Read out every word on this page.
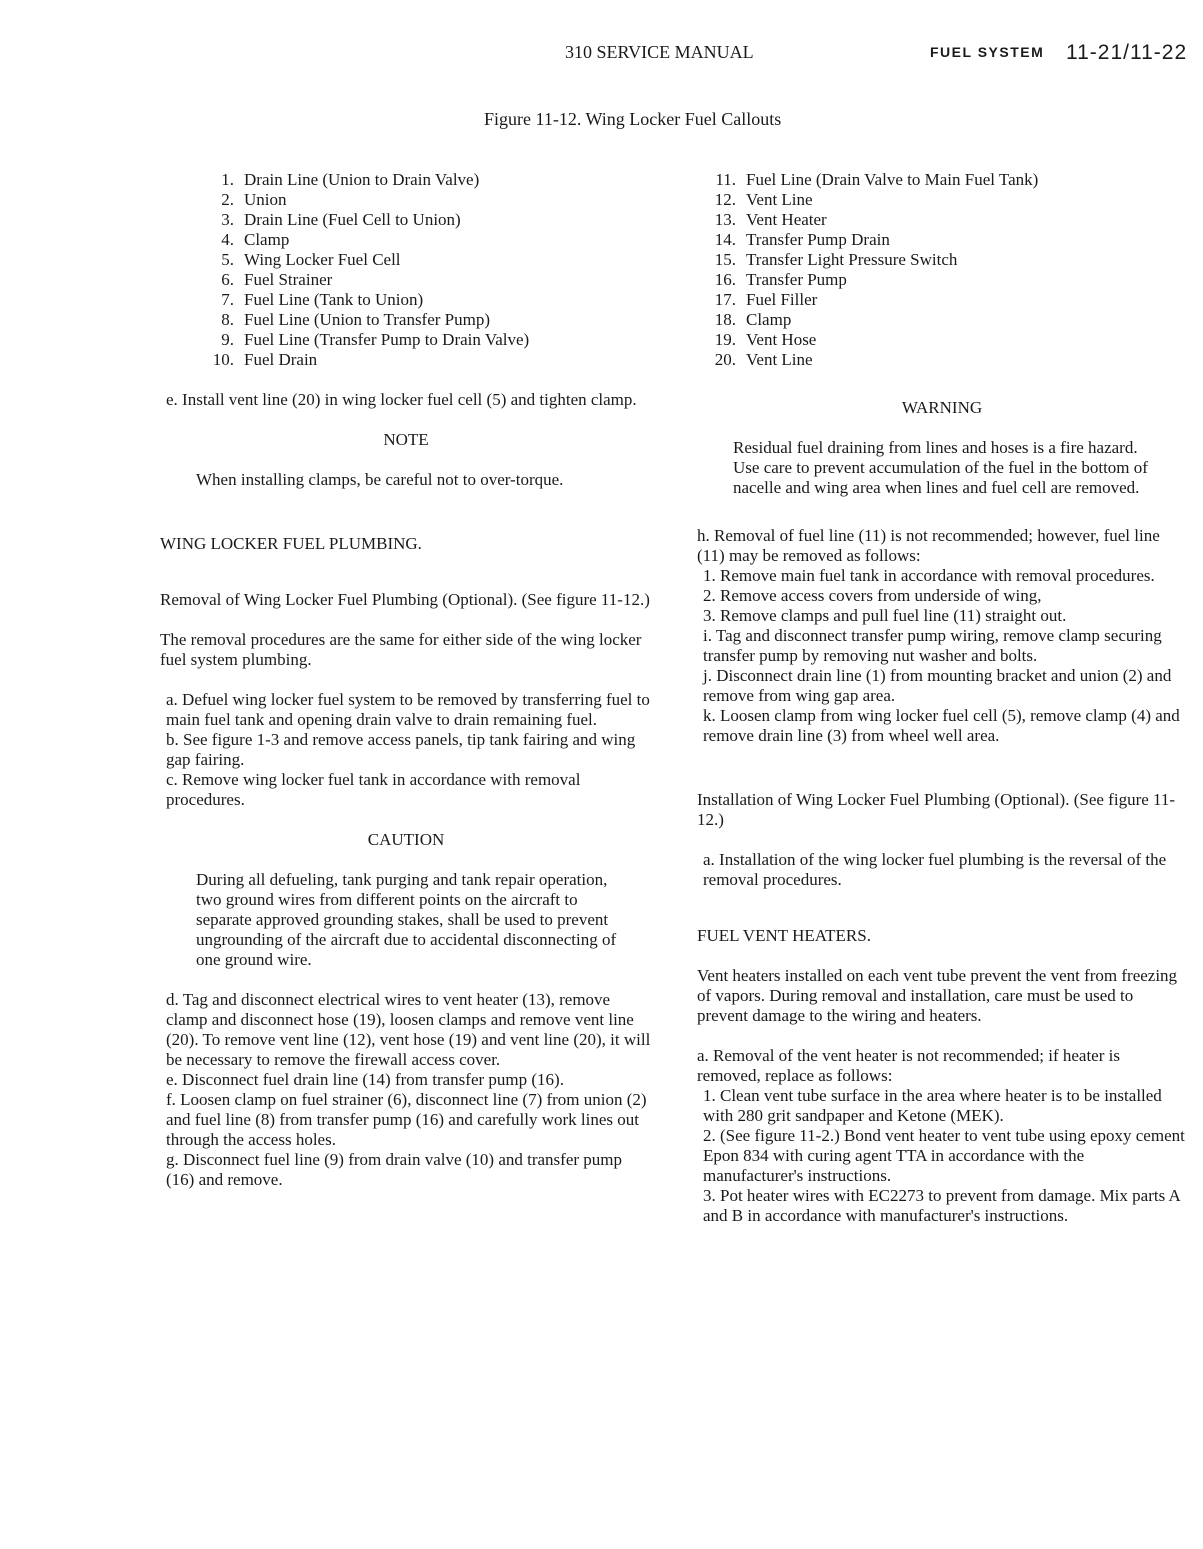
310 SERVICE MANUAL	FUEL SYSTEM 11-21/11-22
Figure 11-12. Wing Locker Fuel Callouts
1. Drain Line (Union to Drain Valve)
2. Union
3. Drain Line (Fuel Cell to Union)
4. Clamp
5. Wing Locker Fuel Cell
6. Fuel Strainer
7. Fuel Line (Tank to Union)
8. Fuel Line (Union to Transfer Pump)
9. Fuel Line (Transfer Pump to Drain Valve)
10. Fuel Drain

e. Install vent line (20) in wing locker fuel cell (5) and tighten clamp.

NOTE

When installing clamps, be careful not to over-torque.

WING LOCKER FUEL PLUMBING.

Removal of Wing Locker Fuel Plumbing (Optional). (See figure 11-12.)

The removal procedures are the same for either side of the wing locker fuel system plumbing.

a. Defuel wing locker fuel system to be removed by transferring fuel to main fuel tank and opening drain valve to drain remaining fuel.

b. See figure 1-3 and remove access panels, tip tank fairing and wing gap fairing.

c. Remove wing locker fuel tank in accordance with removal procedures.

CAUTION

During all defueling, tank purging and tank repair operation, two ground wires from different points on the aircraft to separate approved grounding stakes, shall be used to prevent ungrounding of the aircraft due to accidental disconnecting of one ground wire.

d. Tag and disconnect electrical wires to vent heater (13), remove clamp and disconnect hose (19), loosen clamps and remove vent line (20). To remove vent line (12), vent hose (19) and vent line (20), it will be necessary to remove the firewall access cover.

e. Disconnect fuel drain line (14) from transfer pump (16).

f. Loosen clamp on fuel strainer (6), disconnect line (7) from union (2) and fuel line (8) from transfer pump (16) and carefully work lines out through the access holes.

g. Disconnect fuel line (9) from drain valve (10) and transfer pump (16) and remove.

11. Fuel Line (Drain Valve to Main Fuel Tank)
12. Vent Line
13. Vent Heater
14. Transfer Pump Drain
15. Transfer Light Pressure Switch
16. Transfer Pump
17. Fuel Filler
18. Clamp
19. Vent Hose
20. Vent Line

WARNING

Residual fuel draining from lines and hoses is a fire hazard. Use care to prevent accumulation of the fuel in the bottom of nacelle and wing area when lines and fuel cell are removed.

h. Removal of fuel line (11) is not recommended; however, fuel line (11) may be removed as follows:

1. Remove main fuel tank in accordance with removal procedures.

2. Remove access covers from underside of wing,

3. Remove clamps and pull fuel line (11) straight out.

i. Tag and disconnect transfer pump wiring, remove clamp securing transfer pump by removing nut washer and bolts.

j. Disconnect drain line (1) from mounting bracket and union (2) and remove from wing gap area.

k. Loosen clamp from wing locker fuel cell (5), remove clamp (4) and remove drain line (3) from wheel well area.

Installation of Wing Locker Fuel Plumbing (Optional). (See figure 11-12.)

a. Installation of the wing locker fuel plumbing is the reversal of the removal procedures.

FUEL VENT HEATERS.

Vent heaters installed on each vent tube prevent the vent from freezing of vapors. During removal and installation, care must be used to prevent damage to the wiring and heaters.

a. Removal of the vent heater is not recommended; if heater is removed, replace as follows:

1. Clean vent tube surface in the area where heater is to be installed with 280 grit sandpaper and Ketone (MEK).

2. (See figure 11-2.) Bond vent heater to vent tube using epoxy cement Epon 834 with curing agent TTA in accordance with the manufacturer's instructions.

3. Pot heater wires with EC2273 to prevent from damage. Mix parts A and B in accordance with manufacturer's instructions.
